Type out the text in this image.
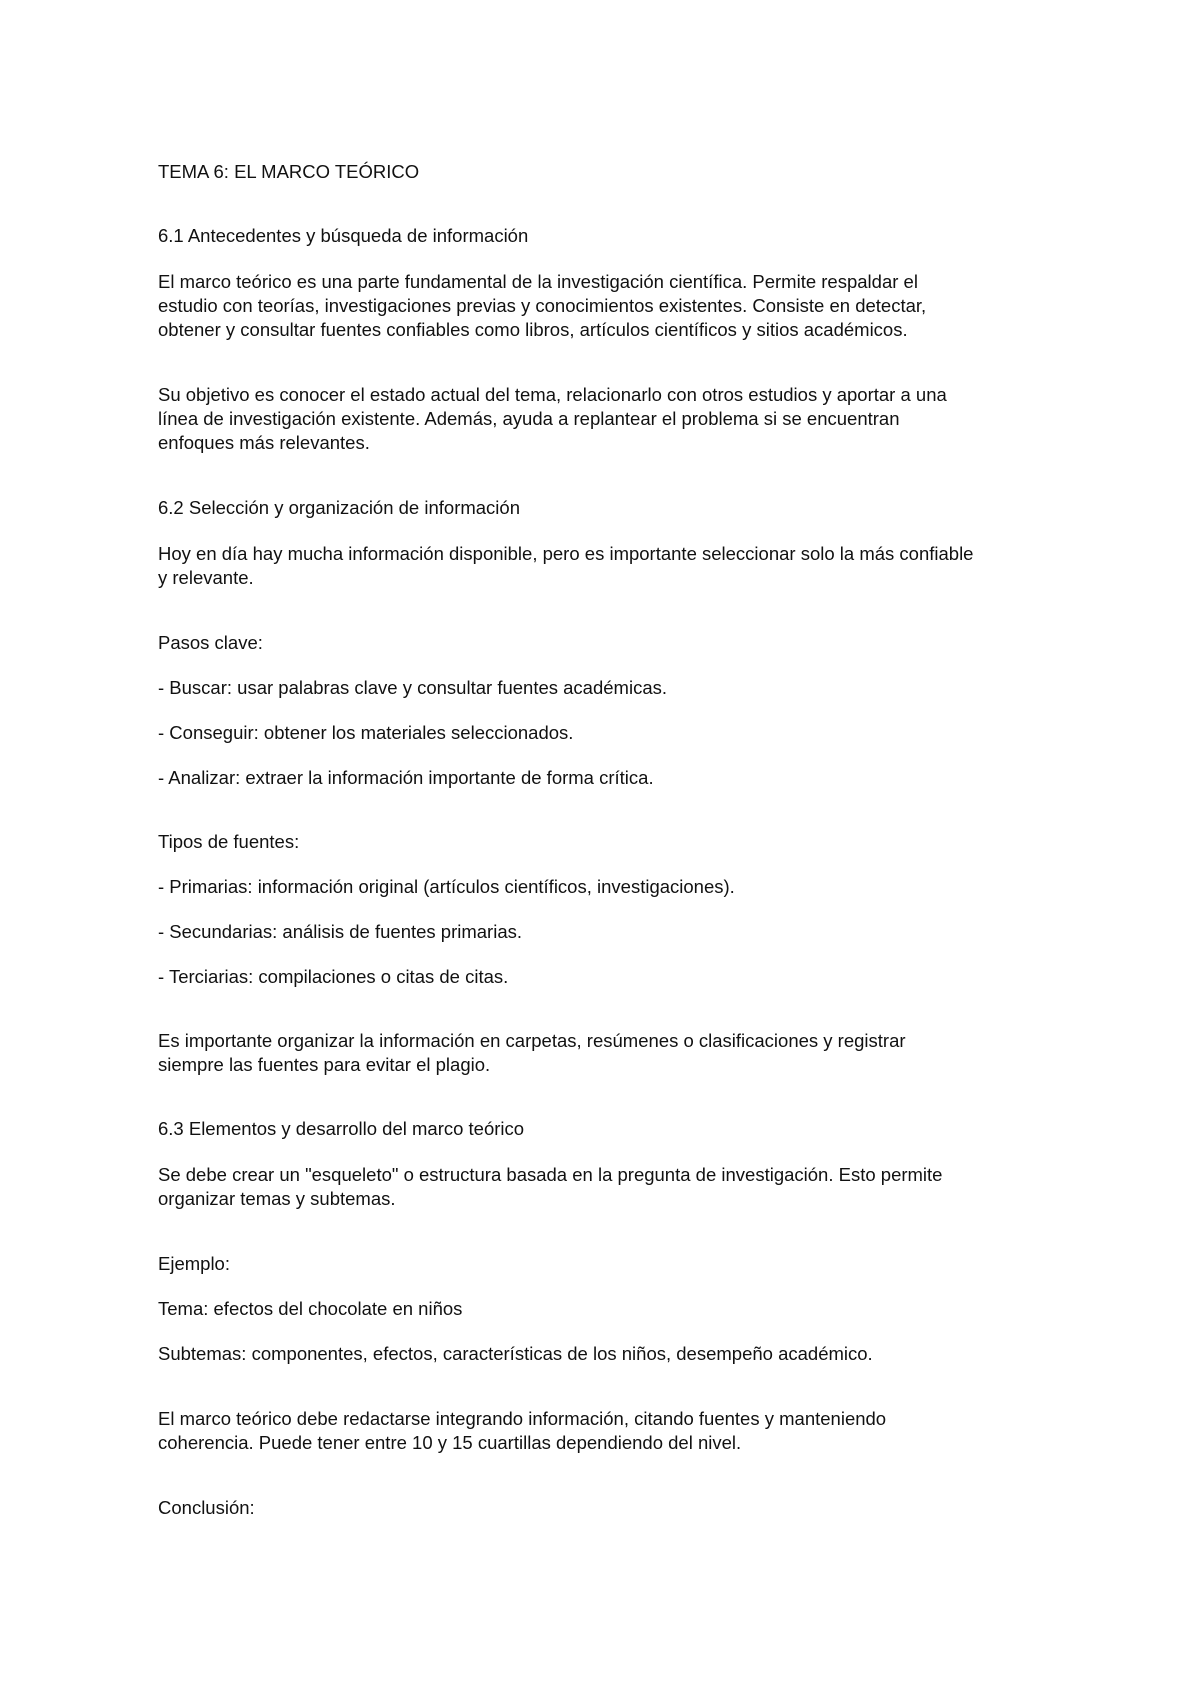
TEMA 6: EL MARCO TEÓRICO

6.1 Antecedentes y búsqueda de información

El marco teórico es una parte fundamental de la investigación científica. Permite respaldar el

estudio con teorías, investigaciones previas y conocimientos existentes. Consiste en detectar,

obtener y consultar fuentes confiables como libros, artículos científicos y sitios académicos.

Su objetivo es conocer el estado actual del tema, relacionarlo con otros estudios y aportar a una

línea de investigación existente. Además, ayuda a replantear el problema si se encuentran

enfoques más relevantes.

6.2 Selección y organización de información

Hoy en día hay mucha información disponible, pero es importante seleccionar solo la más confiable

y relevante.

Pasos clave:

- Buscar: usar palabras clave y consultar fuentes académicas.

- Conseguir: obtener los materiales seleccionados.

- Analizar: extraer la información importante de forma crítica.

Tipos de fuentes:

- Primarias: información original (artículos científicos, investigaciones).

- Secundarias: análisis de fuentes primarias.

- Terciarias: compilaciones o citas de citas.

Es importante organizar la información en carpetas, resúmenes o clasificaciones y registrar

siempre las fuentes para evitar el plagio.

6.3 Elementos y desarrollo del marco teórico

Se debe crear un "esqueleto" o estructura basada en la pregunta de investigación. Esto permite

organizar temas y subtemas.

Ejemplo:

Tema: efectos del chocolate en niños

Subtemas: componentes, efectos, características de los niños, desempeño académico.

El marco teórico debe redactarse integrando información, citando fuentes y manteniendo

coherencia. Puede tener entre 10 y 15 cuartillas dependiendo del nivel.

Conclusión:
